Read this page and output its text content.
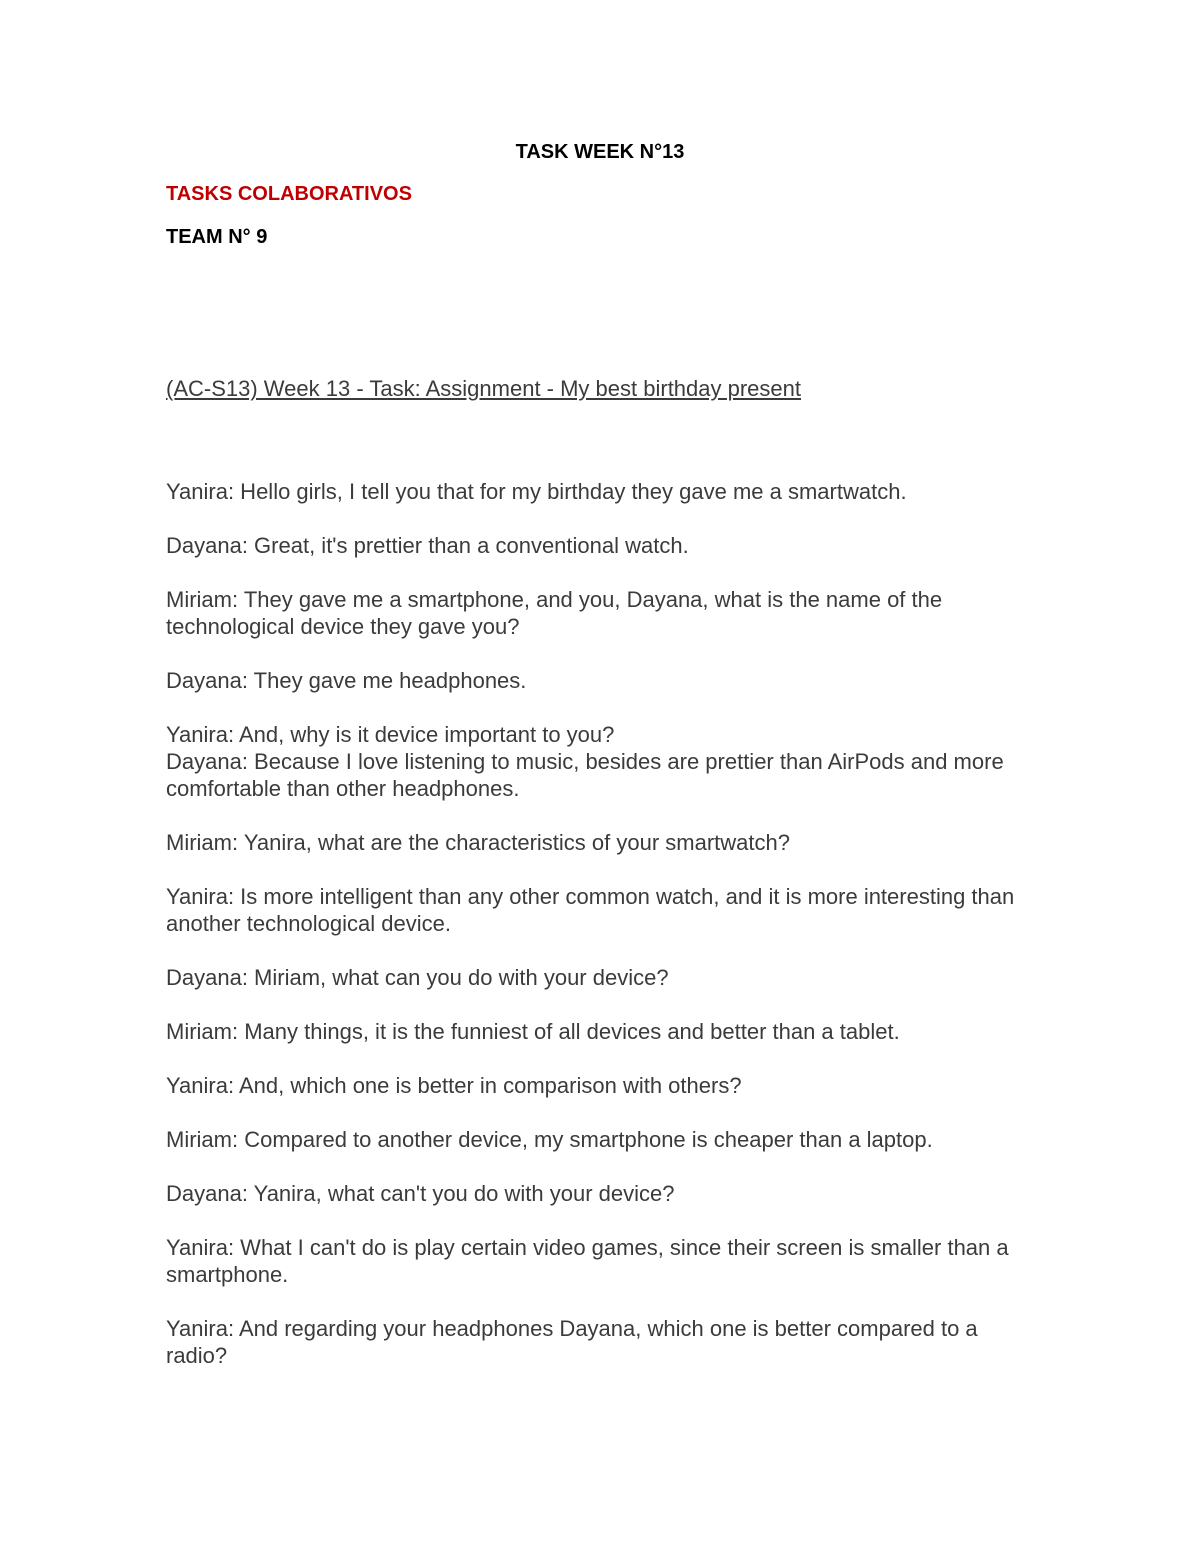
TASK WEEK N°13

TASKS COLABORATIVOS

TEAM N° 9

(AC-S13) Week 13 - Task: Assignment - My best birthday present

Yanira: Hello girls, I tell you that for my birthday they gave me a smartwatch.

Dayana: Great, it's prettier than a conventional watch.

Miriam: They gave me a smartphone, and you, Dayana, what is the name of the technological device they gave you?

Dayana: They gave me headphones.

Yanira: And, why is it device important to you?

Dayana: Because I love listening to music, besides are prettier than AirPods and more comfortable than other headphones.

Miriam: Yanira, what are the characteristics of your smartwatch?

Yanira: Is more intelligent than any other common watch, and it is more interesting than another technological device.

Dayana: Miriam, what can you do with your device?

Miriam: Many things, it is the funniest of all devices and better than a tablet.

Yanira: And, which one is better in comparison with others?

Miriam: Compared to another device, my smartphone is cheaper than a laptop.

Dayana: Yanira, what can't you do with your device?

Yanira: What I can't do is play certain video games, since their screen is smaller than a smartphone.

Yanira: And regarding your headphones Dayana, which one is better compared to a radio?
